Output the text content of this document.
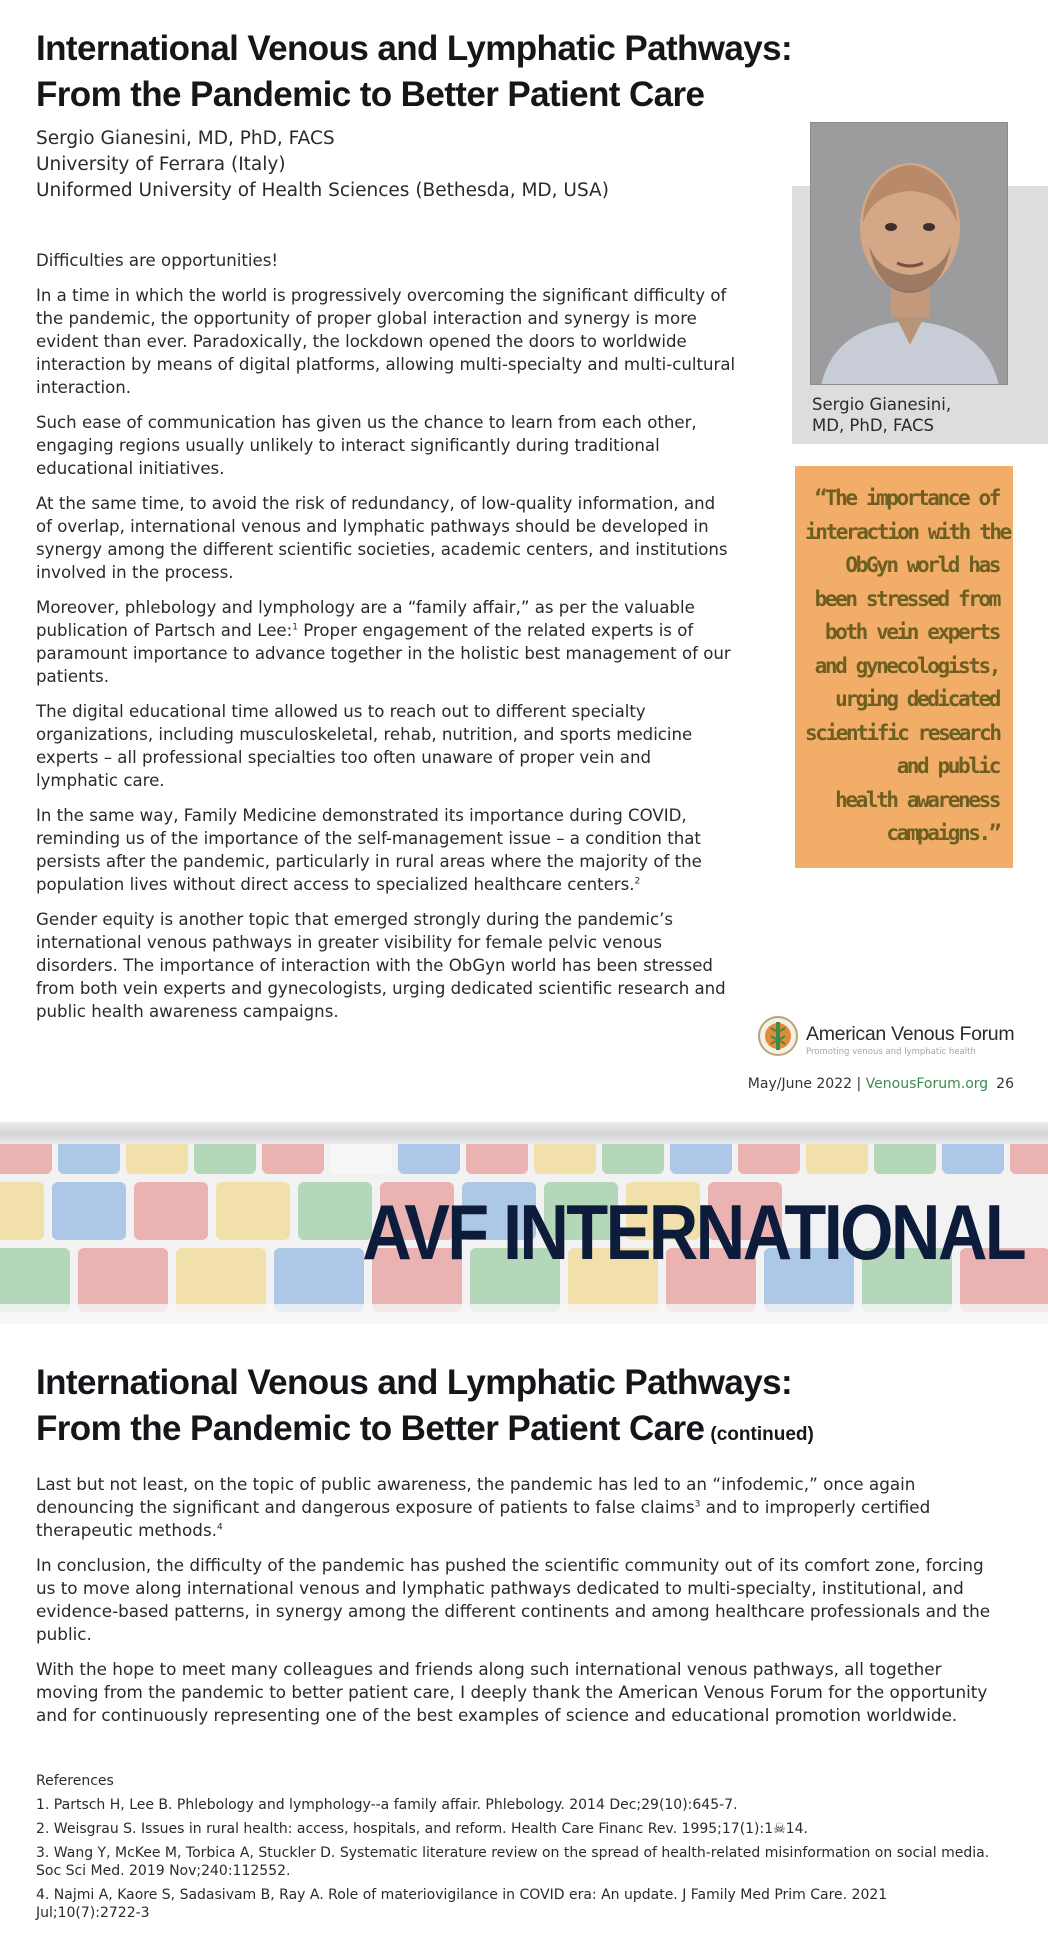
International Venous and Lymphatic Pathways:
From the Pandemic to Better Patient Care
Sergio Gianesini, MD, PhD, FACS
University of Ferrara (Italy)
Uniformed University of Health Sciences (Bethesda, MD, USA)

Difficulties are opportunities!

In a time in which the world is progressively overcoming the significant difficulty of the pandemic, the opportunity of proper global interaction and synergy is more evident than ever. Paradoxically, the lockdown opened the doors to worldwide interaction by means of digital platforms, allowing multi-specialty and multi-cultural interaction.

Such ease of communication has given us the chance to learn from each other, engaging regions usually unlikely to interact significantly during traditional educational initiatives.

At the same time, to avoid the risk of redundancy, of low-quality information, and of overlap, international venous and lymphatic pathways should be developed in synergy among the different scientific societies, academic centers, and institutions involved in the process.

Moreover, phlebology and lymphology are a “family affair,” as per the valuable publication of Partsch and Lee:$^1$ Proper engagement of the related experts is of paramount importance to advance together in the holistic best management of our patients.

The digital educational time allowed us to reach out to different specialty organizations, including musculoskeletal, rehab, nutrition, and sports medicine experts – all professional specialties too often unaware of proper vein and lymphatic care.

In the same way, Family Medicine demonstrated its importance during COVID, reminding us of the importance of the self-management issue – a condition that persists after the pandemic, particularly in rural areas where the majority of the population lives without direct access to specialized healthcare centers.$^2$

Gender equity is another topic that emerged strongly during the pandemic’s international venous pathways in greater visibility for female pelvic venous disorders. The importance of interaction with the ObGyn world has been stressed from both vein experts and gynecologists, urging dedicated scientific research and public health awareness campaigns.

Sergio Gianesini,
MD, PhD, FACS
“The importance of
interaction with the
ObGyn world has
been stressed from
both vein experts
and gynecologists,
urging dedicated
scientific research
and public
health awareness
campaigns.”
American Venous Forum
Promoting venous and lymphatic health
May/June 2022 | VenousForum.org 26
AVF INTERNATIONAL
International Venous and Lymphatic Pathways:
From the Pandemic to Better Patient Care (continued)

Last but not least, on the topic of public awareness, the pandemic has led to an “infodemic,” once again denouncing the significant and dangerous exposure of patients to false claims$^3$ and to improperly certified therapeutic methods.$^4$

In conclusion, the difficulty of the pandemic has pushed the scientific community out of its comfort zone, forcing us to move along international venous and lymphatic pathways dedicated to multi-specialty, institutional, and evidence-based patterns, in synergy among the different continents and among healthcare professionals and the public.

With the hope to meet many colleagues and friends along such international venous pathways, all together moving from the pandemic to better patient care, I deeply thank the American Venous Forum for the opportunity and for continuously representing one of the best examples of science and educational promotion worldwide.

References
1. Partsch H, Lee B. Phlebology and lymphology--a family affair. Phlebology. 2014 Dec;29(10):645-7.
2. Weisgrau S. Issues in rural health: access, hospitals, and reform. Health Care Financ Rev. 1995;17(1):1☠14.
3. Wang Y, McKee M, Torbica A, Stuckler D. Systematic literature review on the spread of health-related misinformation on social media. Soc Sci Med. 2019 Nov;240:112552.
4. Najmi A, Kaore S, Sadasivam B, Ray A. Role of materiovigilance in COVID era: An update. J Family Med Prim Care. 2021 Jul;10(7):2722-3
